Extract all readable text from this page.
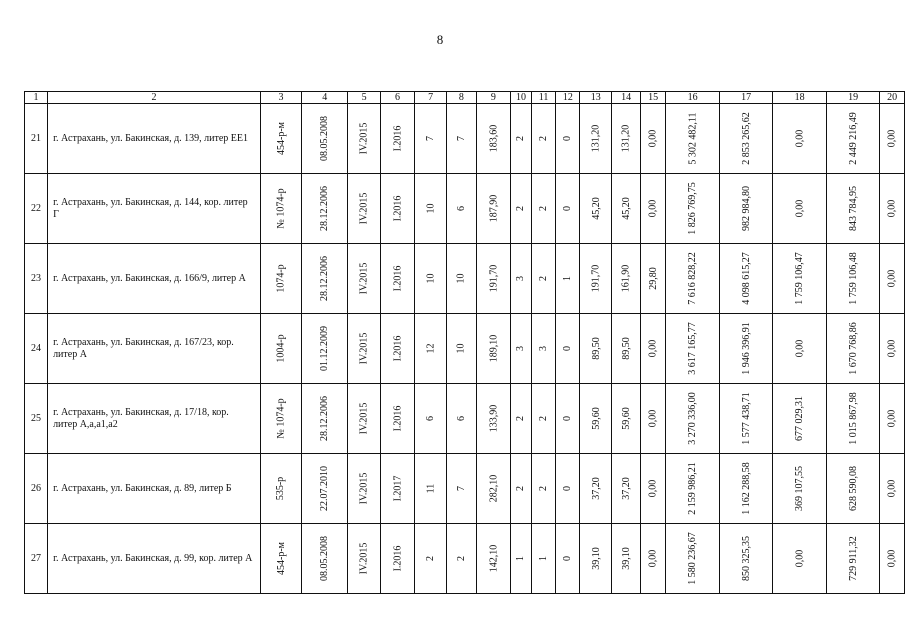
8
1	2	3	4	5	6	7	8	9	10	11	12	13	14	15	16	17	18	19	20
21	г. Астрахань, ул. Бакинская, д. 139, литер ЕЕ1	454-р-м	08.05.2008	IV.2015	I.2016	7	7	183,60	2	2	0	131,20	131,20	0,00	5 302 482,11	2 853 265,62	0,00	2 449 216,49	0,00
22	г. Астрахань, ул. Бакинская, д. 144, кор. литер Г	№ 1074-р	28.12.2006	IV.2015	I.2016	10	6	187,90	2	2	0	45,20	45,20	0,00	1 826 769,75	982 984,80	0,00	843 784,95	0,00
23	г. Астрахань, ул. Бакинская, д. 166/9, литер А	1074-р	28.12.2006	IV.2015	I.2016	10	10	191,70	3	2	1	191,70	161,90	29,80	7 616 828,22	4 098 615,27	1 759 106,47	1 759 106,48	0,00
24	г. Астрахань, ул. Бакинская, д. 167/23, кор. литер А	1004-р	01.12.2009	IV.2015	I.2016	12	10	189,10	3	3	0	89,50	89,50	0,00	3 617 165,77	1 946 396,91	0,00	1 670 768,86	0,00
25	г. Астрахань, ул. Бакинская, д. 17/18, кор. литер А,а,а1,а2	№ 1074-р	28.12.2006	IV.2015	I.2016	6	6	133,90	2	2	0	59,60	59,60	0,00	3 270 336,00	1 577 438,71	677 029,31	1 015 867,98	0,00
26	г. Астрахань, ул. Бакинская, д. 89, литер Б	535-р	22.07.2010	IV.2015	I.2017	11	7	282,10	2	2	0	37,20	37,20	0,00	2 159 986,21	1 162 288,58	369 107,55	628 590,08	0,00
27	г. Астрахань, ул. Бакинская, д. 99, кор. литер А	454-р-м	08.05.2008	IV.2015	I.2016	2	2	142,10	1	1	0	39,10	39,10	0,00	1 580 236,67	850 325,35	0,00	729 911,32	0,00
